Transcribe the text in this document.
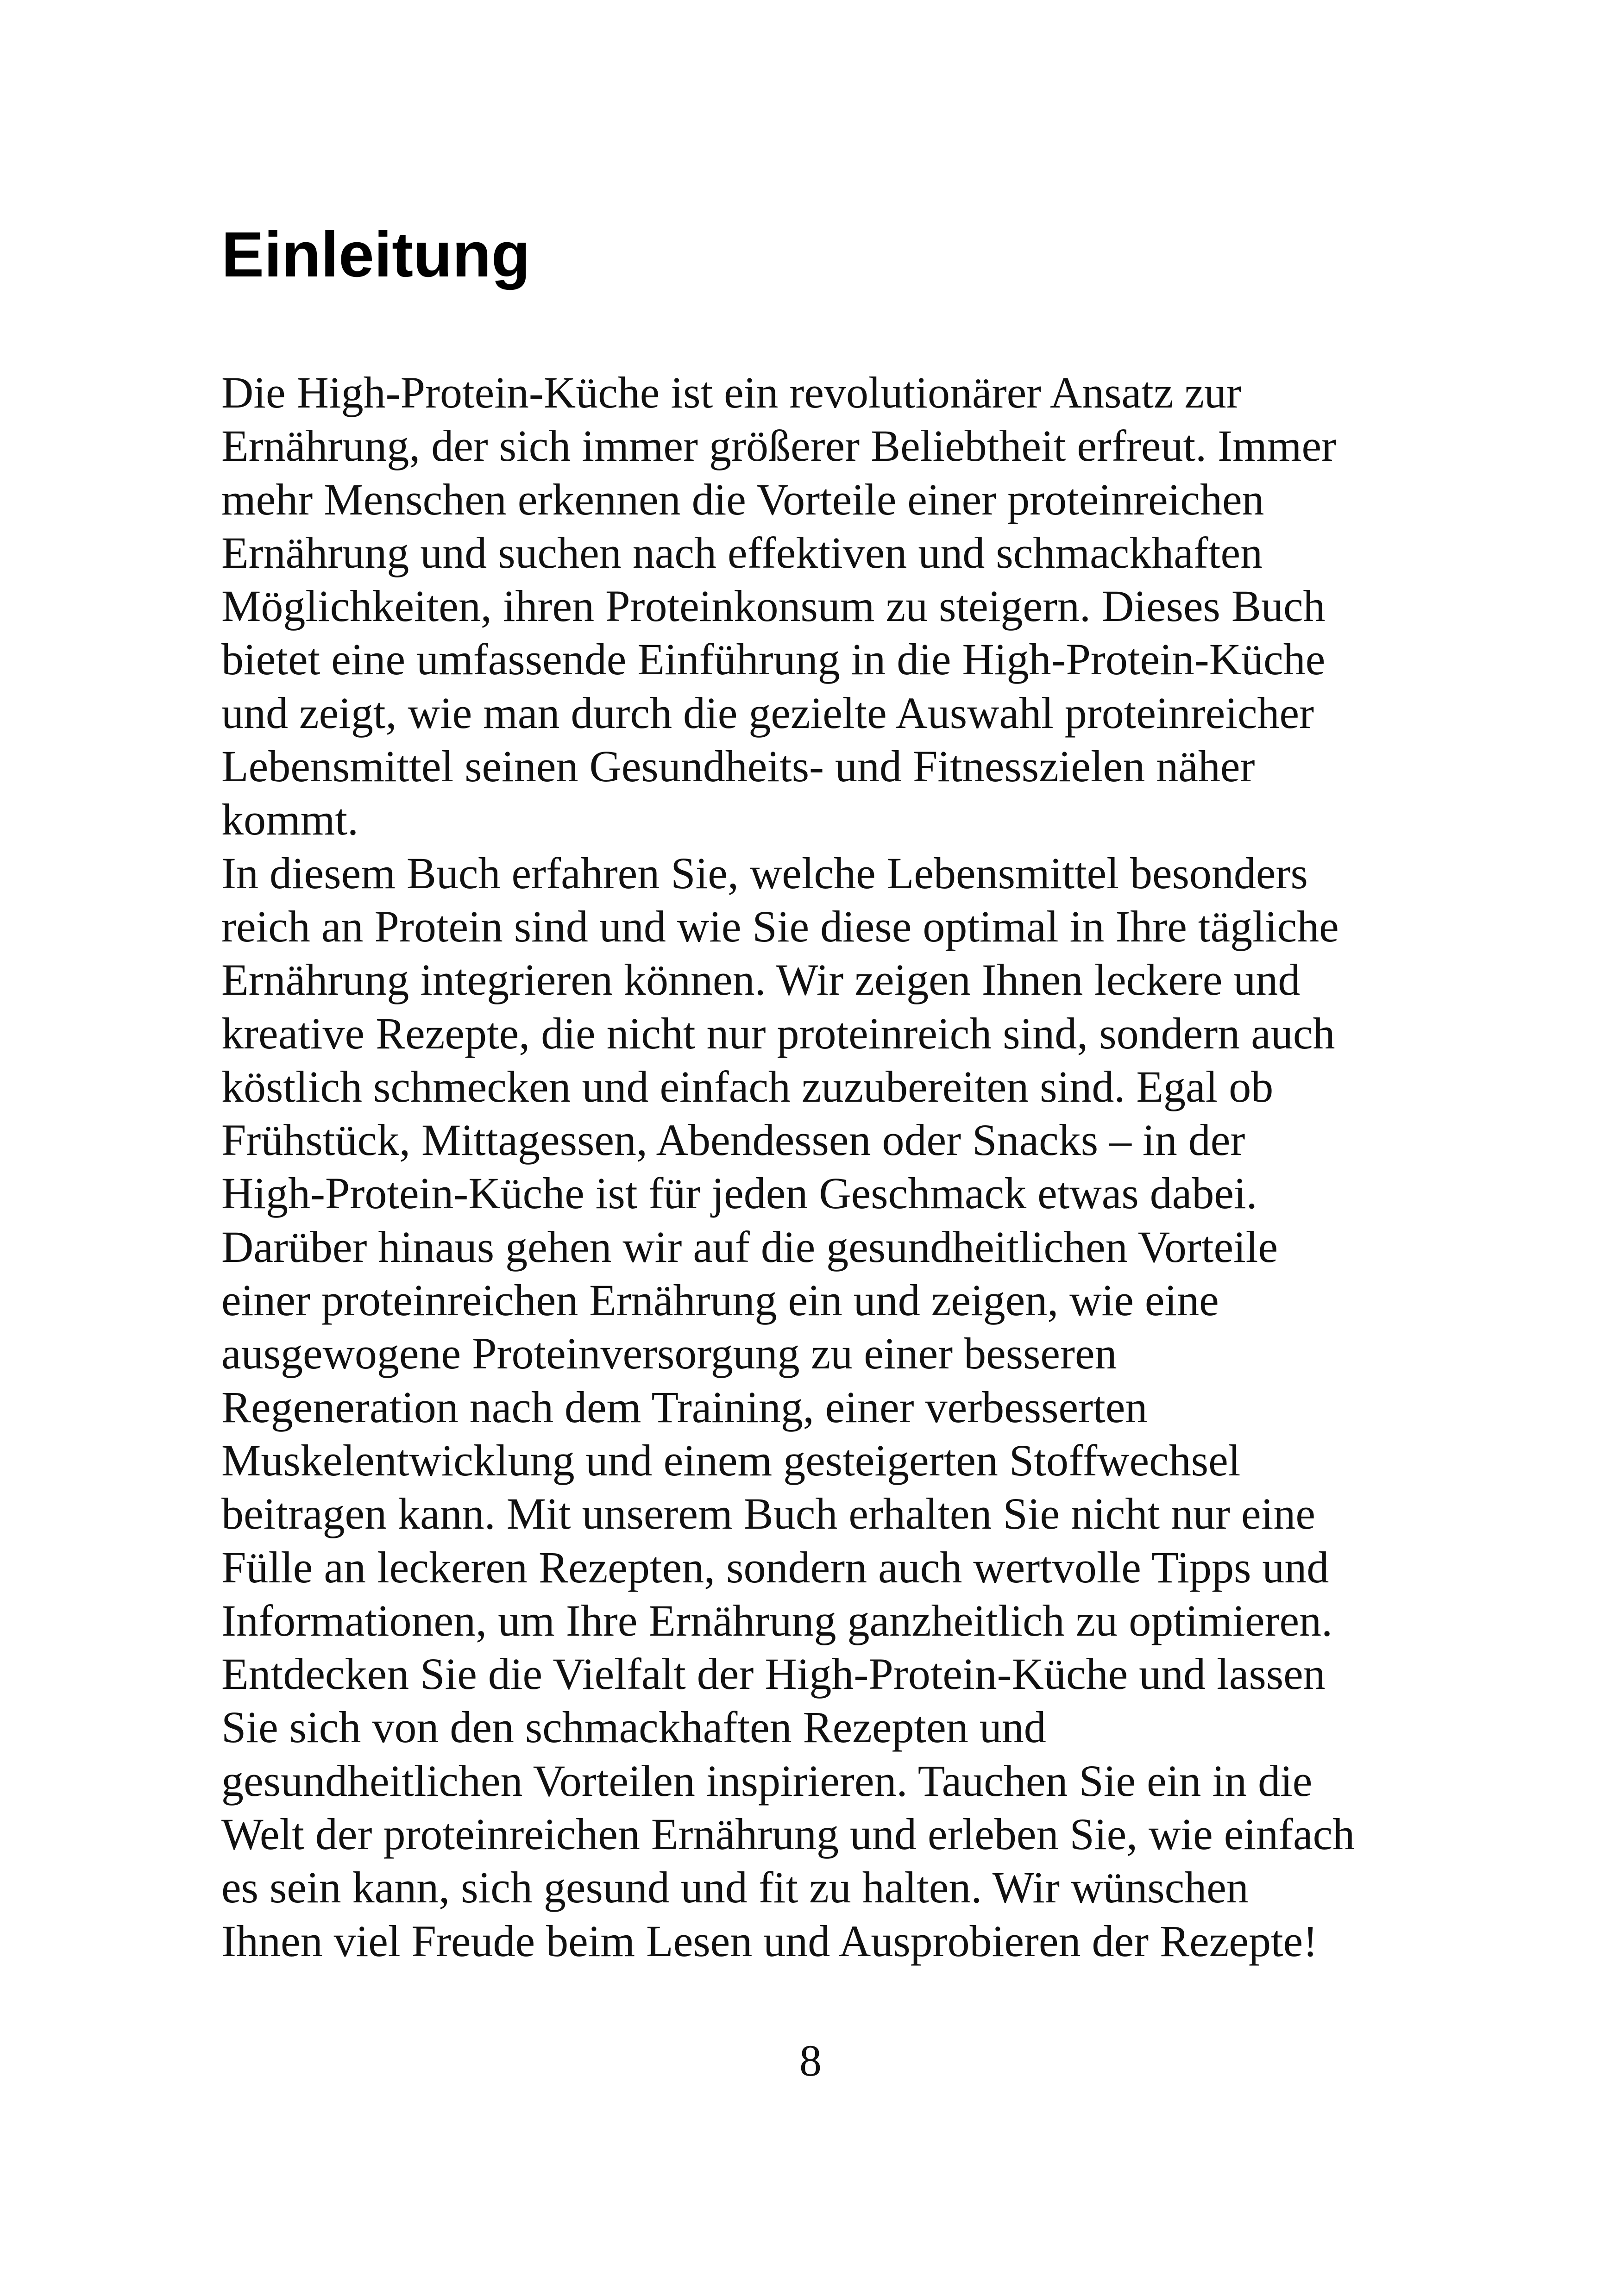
Einleitung
Die High-Protein-Küche ist ein revolutionärer Ansatz zur
Ernährung, der sich immer größerer Beliebtheit erfreut. Immer
mehr Menschen erkennen die Vorteile einer proteinreichen
Ernährung und suchen nach effektiven und schmackhaften
Möglichkeiten, ihren Proteinkonsum zu steigern. Dieses Buch
bietet eine umfassende Einführung in die High-Protein-Küche
und zeigt, wie man durch die gezielte Auswahl proteinreicher
Lebensmittel seinen Gesundheits- und Fitnesszielen näher
kommt.
In diesem Buch erfahren Sie, welche Lebensmittel besonders
reich an Protein sind und wie Sie diese optimal in Ihre tägliche
Ernährung integrieren können. Wir zeigen Ihnen leckere und
kreative Rezepte, die nicht nur proteinreich sind, sondern auch
köstlich schmecken und einfach zuzubereiten sind. Egal ob
Frühstück, Mittagessen, Abendessen oder Snacks – in der
High-Protein-Küche ist für jeden Geschmack etwas dabei.
Darüber hinaus gehen wir auf die gesundheitlichen Vorteile
einer proteinreichen Ernährung ein und zeigen, wie eine
ausgewogene Proteinversorgung zu einer besseren
Regeneration nach dem Training, einer verbesserten
Muskelentwicklung und einem gesteigerten Stoffwechsel
beitragen kann. Mit unserem Buch erhalten Sie nicht nur eine
Fülle an leckeren Rezepten, sondern auch wertvolle Tipps und
Informationen, um Ihre Ernährung ganzheitlich zu optimieren.
Entdecken Sie die Vielfalt der High-Protein-Küche und lassen
Sie sich von den schmackhaften Rezepten und
gesundheitlichen Vorteilen inspirieren. Tauchen Sie ein in die
Welt der proteinreichen Ernährung und erleben Sie, wie einfach
es sein kann, sich gesund und fit zu halten. Wir wünschen
Ihnen viel Freude beim Lesen und Ausprobieren der Rezepte!
8
